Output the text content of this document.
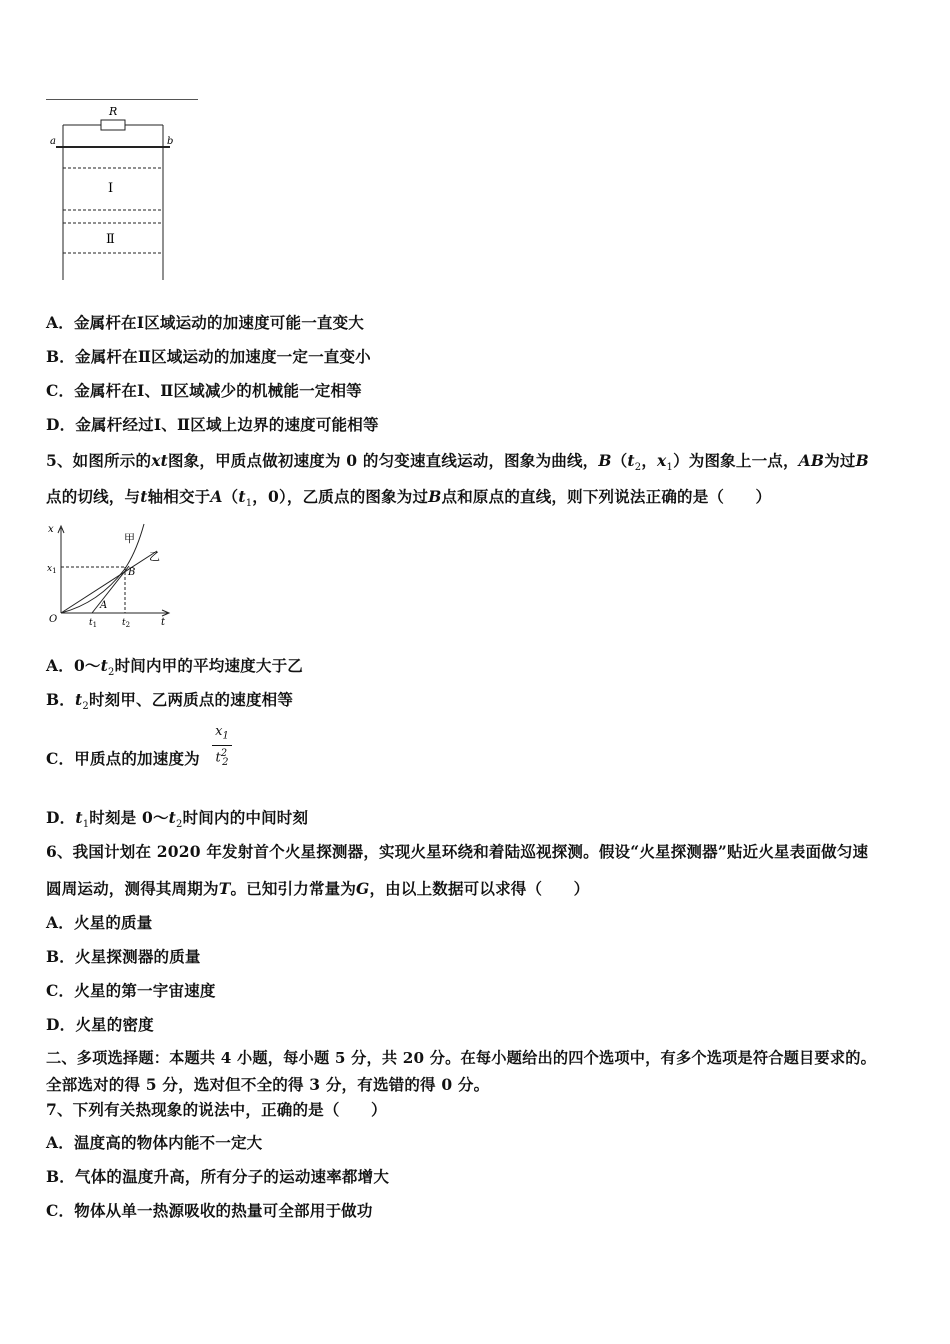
R
a	b
Ⅰ
Ⅱ
A．金属杆在Ⅰ区域运动的加速度可能一直变大
B．金属杆在Ⅱ区域运动的加速度一定一直变小
C．金属杆在Ⅰ、Ⅱ区域减少的机械能一定相等
D．金属杆经过Ⅰ、Ⅱ区域上边界的速度可能相等
5、如图所示的xt图象，甲质点做初速度为 0 的匀变速直线运动，图象为曲线，$B(t_2$，$x_1$）为图象上一点，AB为过B
点的切线，与t轴相交于$A(t_1$，0），乙质点的图象为过B点和原点的直线，则下列说法正确的是（　　）
x
t
O
甲
乙
B
A
$x_1$
$t_1$	$t_2$
A．$0\sim t_2$时间内甲的平均速度大于乙
B．$t_2$时刻甲、乙两质点的速度相等
C．甲质点的加速度为 $\frac{x_1}{t^2_2}$
D．$t_1$时刻是 $0\sim t_2$时间内的中间时刻
6、我国计划在 2020 年发射首个火星探测器，实现火星环绕和着陆巡视探测。假设“火星探测器”贴近火星表面做匀速
圆周运动，测得其周期为T。已知引力常量为G，由以上数据可以求得（　　）
A．火星的质量
B．火星探测器的质量
C．火星的第一宇宙速度
D．火星的密度
二、多项选择题：本题共 4 小题，每小题 5 分，共 20 分。在每小题给出的四个选项中，有多个选项是符合题目要求的。
全部选对的得 5 分，选对但不全的得 3 分，有选错的得 0 分。
7、下列有关热现象的说法中，正确的是（　　）
A．温度高的物体内能不一定大
B．气体的温度升高，所有分子的运动速率都增大
C．物体从单一热源吸收的热量可全部用于做功
